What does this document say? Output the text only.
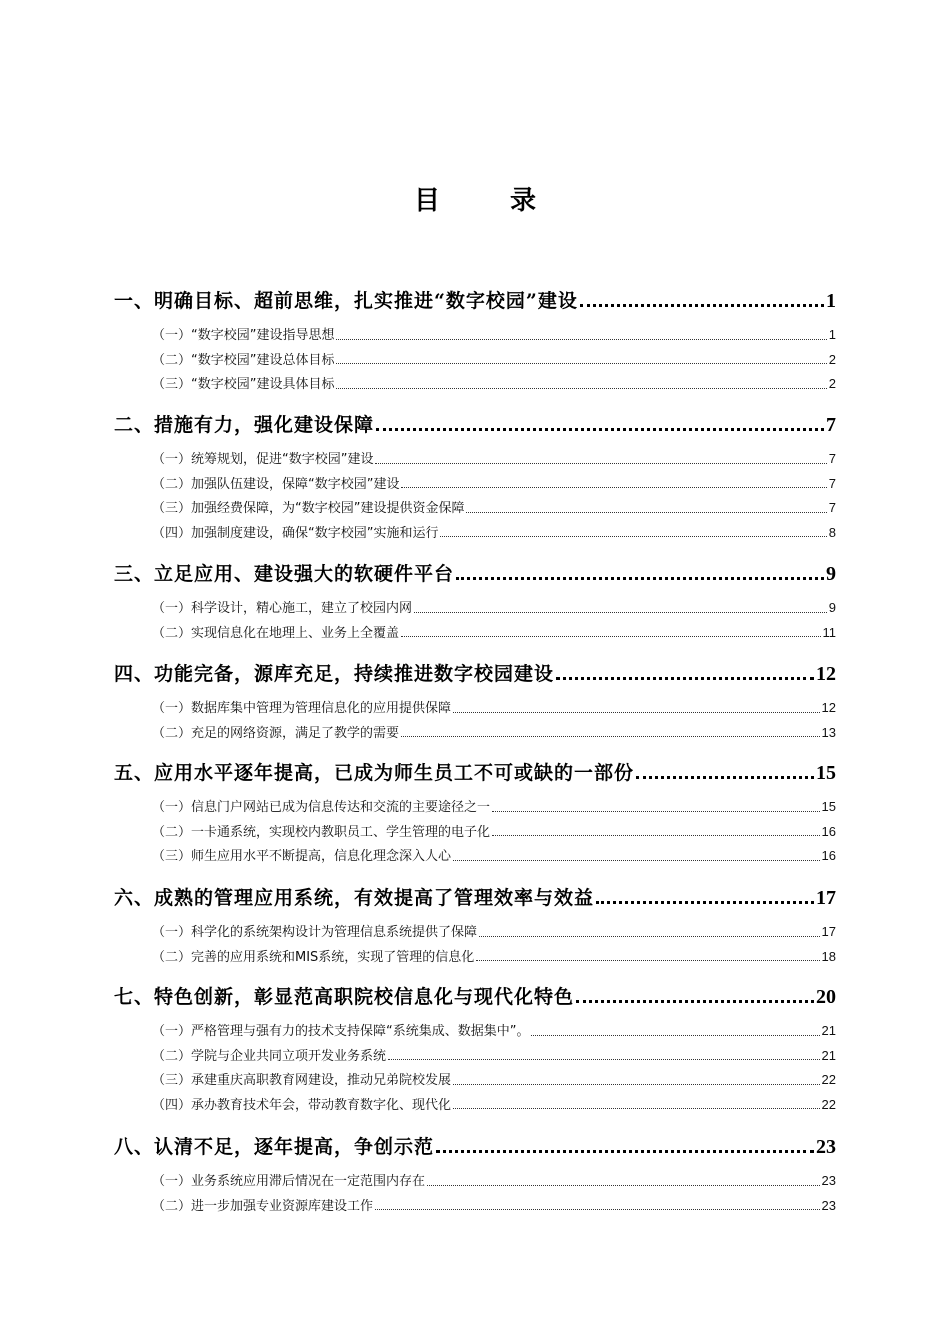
目　录
一、明确目标、超前思维，扎实推进“数字校园”建设	1
（一）“数字校园”建设指导思想	1
（二）“数字校园”建设总体目标	2
（三）“数字校园”建设具体目标	2
二、措施有力，强化建设保障	7
（一）统筹规划，促进“数字校园”建设	7
（二）加强队伍建设，保障“数字校园”建设	7
（三）加强经费保障，为“数字校园”建设提供资金保障	7
（四）加强制度建设，确保“数字校园”实施和运行	8
三、立足应用、建设强大的软硬件平台	9
（一）科学设计，精心施工，建立了校园内网	9
（二）实现信息化在地理上、业务上全覆盖	11
四、功能完备，源库充足，持续推进数字校园建设	12
（一）数据库集中管理为管理信息化的应用提供保障	12
（二）充足的网络资源，满足了教学的需要	13
五、应用水平逐年提高，已成为师生员工不可或缺的一部份	15
（一）信息门户网站已成为信息传达和交流的主要途径之一	15
（二）一卡通系统，实现校内教职员工、学生管理的电子化	16
（三）师生应用水平不断提高，信息化理念深入人心	16
六、成熟的管理应用系统，有效提高了管理效率与效益	17
（一）科学化的系统架构设计为管理信息系统提供了保障	17
（二）完善的应用系统和MIS系统，实现了管理的信息化	18
七、特色创新，彰显范高职院校信息化与现代化特色	20
（一）严格管理与强有力的技术支持保障“系统集成、数据集中”。	21
（二）学院与企业共同立项开发业务系统	21
（三）承建重庆高职教育网建设，推动兄弟院校发展	22
（四）承办教育技术年会，带动教育数字化、现代化	22
八、认清不足，逐年提高，争创示范	23
（一）业务系统应用滞后情况在一定范围内存在	23
（二）进一步加强专业资源库建设工作	23
